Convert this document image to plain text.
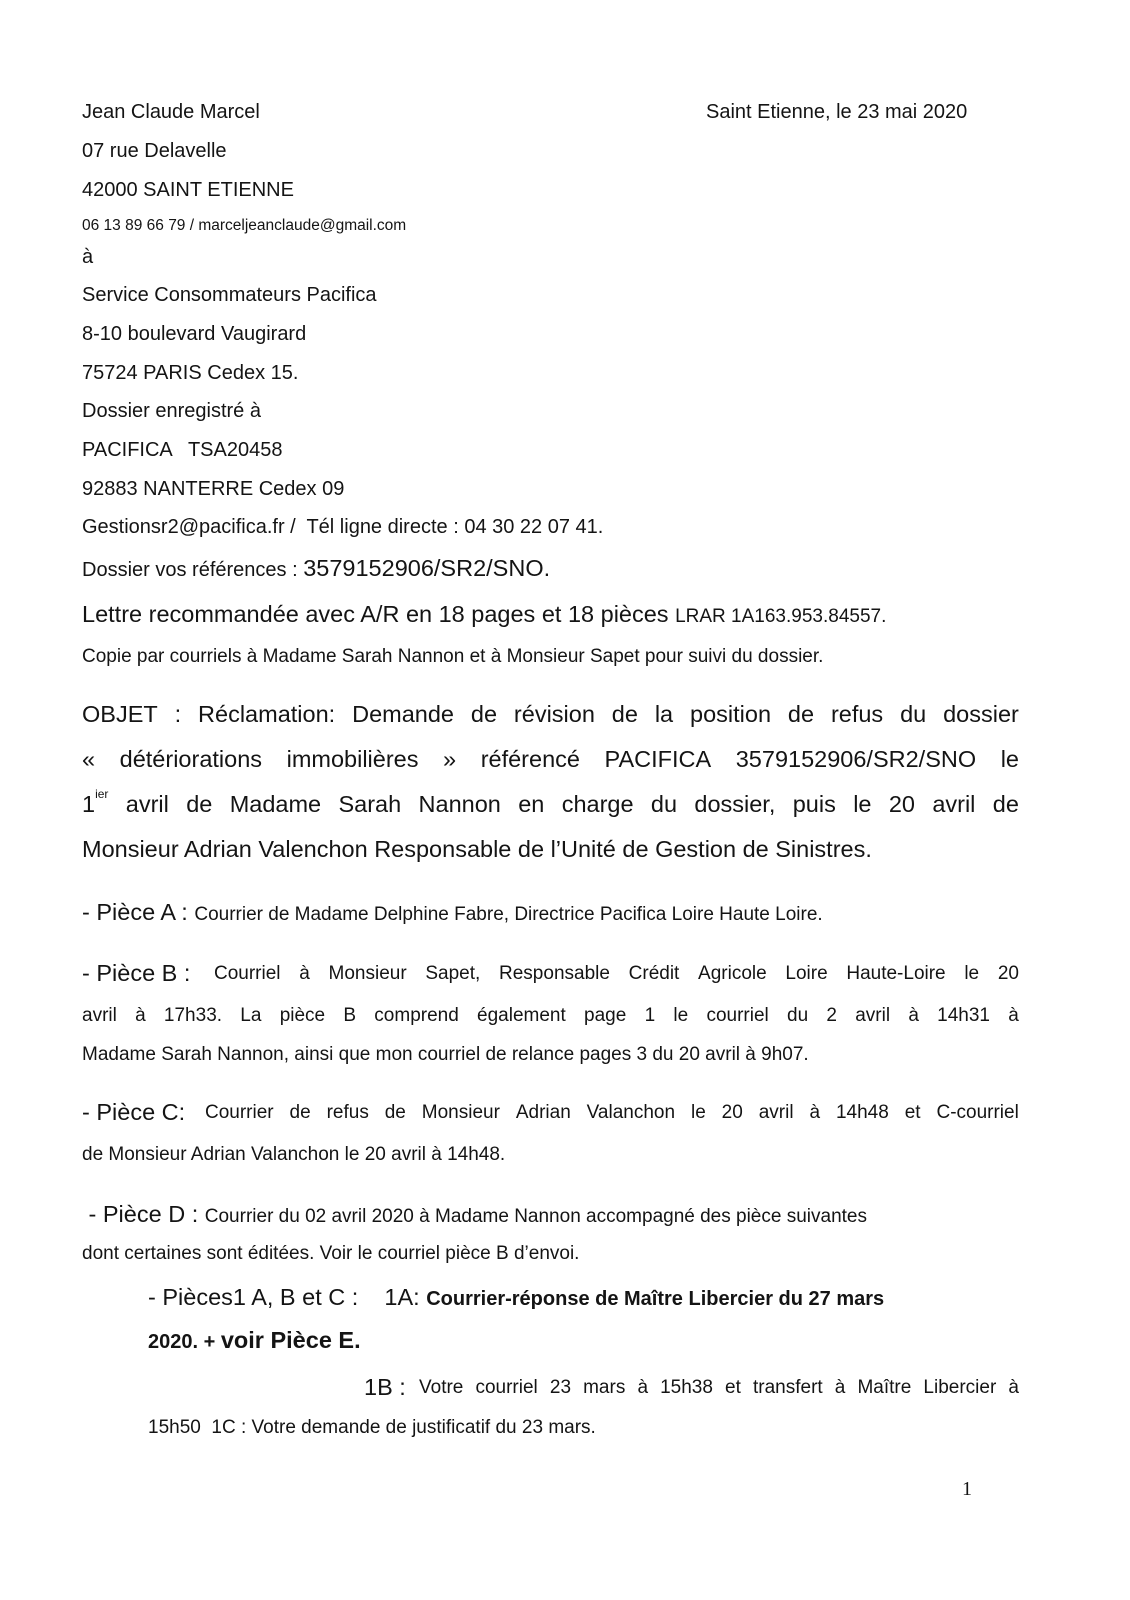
Jean Claude Marcel	Saint Etienne, le 23 mai 2020
07 rue Delavelle
42000 SAINT ETIENNE
06 13 89 66 79 / marceljeanclaude@gmail.com
à
Service Consommateurs Pacifica
8-10 boulevard Vaugirard
75724 PARIS Cedex 15.
Dossier enregistré à
PACIFICA   TSA20458
92883 NANTERRE Cedex 09
Gestionsr2@pacifica.fr /  Tél ligne directe : 04 30 22 07 41.
Dossier vos références : 3579152906/SR2/SNO.
Lettre recommandée avec A/R en 18 pages et 18 pièces LRAR 1A163.953.84557.
Copie par courriels à Madame Sarah Nannon et à Monsieur Sapet pour suivi du dossier.
OBJET : Réclamation: Demande de révision de la position de refus du dossier
« détériorations immobilières » référencé PACIFICA 3579152906/SR2/SNO le
$1^{ier}$ avril de Madame Sarah Nannon en charge du dossier, puis le 20 avril de
Monsieur Adrian Valenchon Responsable de l’Unité de Gestion de Sinistres.
- Pièce A : Courrier de Madame Delphine Fabre, Directrice Pacifica Loire Haute Loire.
- Pièce B : Courriel à Monsieur Sapet, Responsable Crédit Agricole Loire Haute-Loire le 20
avril à 17h33. La pièce B comprend également page 1 le courriel du 2 avril à 14h31 à
Madame Sarah Nannon, ainsi que mon courriel de relance pages 3 du 20 avril à 9h07.
- Pièce C: Courrier de refus de Monsieur Adrian Valanchon le 20 avril à 14h48 et C-courriel
de Monsieur Adrian Valanchon le 20 avril à 14h48.
- Pièce D : Courrier du 02 avril 2020 à Madame Nannon accompagné des pièce suivantes
dont certaines sont éditées. Voir le courriel pièce B d’envoi.
- Pièces1 A, B et C :    1A: Courrier-réponse de Maître Libercier du 27 mars
2020. + voir Pièce E.
1B : Votre courriel 23 mars à 15h38 et transfert à Maître Libercier à
15h50  1C : Votre demande de justificatif du 23 mars.
1
